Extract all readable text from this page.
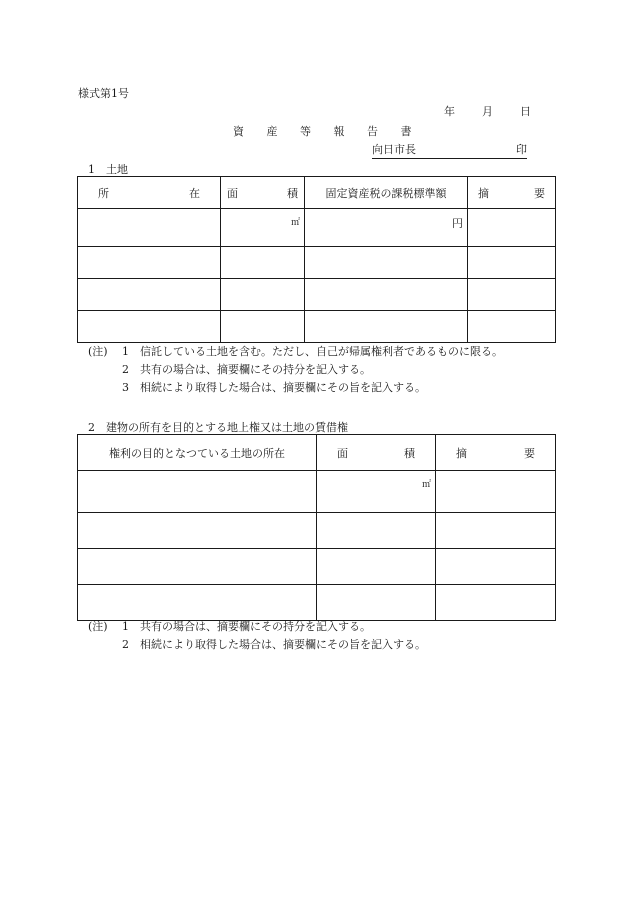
様式第1号
年	月	日
資 産 等 報 告 書
向日市長	印
1 土地
所 在	面 積	固定資産税の課税標準額	摘 要

	㎡	円	

(注) 1 信託している土地を含む。ただし、自己が帰属権利者であるものに限る。
2 共有の場合は、摘要欄にその持分を記入する。
3 相続により取得した場合は、摘要欄にその旨を記入する。
2 建物の所有を目的とする地上権又は土地の賃借権
権利の目的となつている土地の所在	面 積	摘 要

	㎡	

(注) 1 共有の場合は、摘要欄にその持分を記入する。
2 相続により取得した場合は、摘要欄にその旨を記入する。
